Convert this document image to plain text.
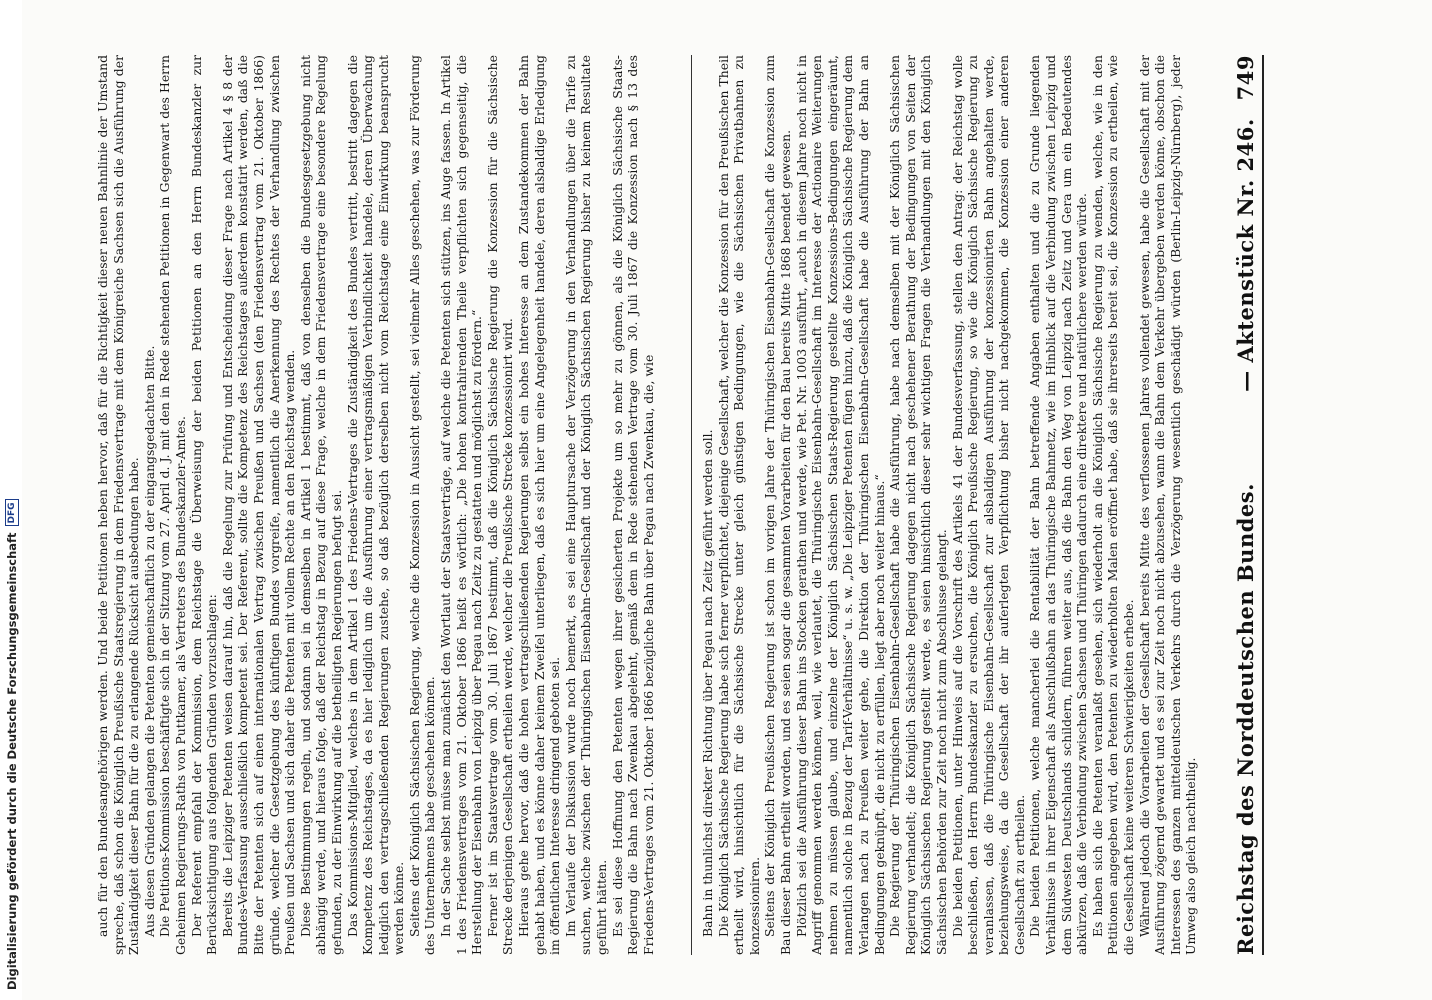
Reichstag des Norddeutschen Bundes.
— Aktenstück Nr. 246.
749

Bahn in thunlichst direkter Richtung über Pegau nach Zeitz geführt werden soll. Die Königlich Sächsische Regierung habe sich ferner verpflichtet, diejenige Gesellschaft, welcher die Konzession für den Preußischen Theil ertheilt wird, hinsichtlich für die Sächsische Strecke unter gleich günstigen Bedingungen, wie die Sächsischen Privatbahnen zu konzessioniren. Seitens der Königlich Preußischen Regierung ist schon im vorigen Jahre der Thüringischen Eisenbahn-Gesellschaft die Konzession zum Bau dieser Bahn ertheilt worden, und es seien sogar die gesammten Vorarbeiten für den Bau bereits Mitte 1868 beendet gewesen. Plötzlich sei die Ausführung dieser Bahn ins Stocken gerathen und werde, wie Pet. Nr. 1003 ausführt, „auch in diesem Jahre noch nicht in Angriff genommen werden können, weil, wie verlautet, die Thüringische Eisenbahn-Gesellschaft im Interesse der Actionaire Weiterungen nehmen zu müssen glaube, und einzelne der Königlich Sächsischen Staats-Regierung gestellte Konzessions-Bedingungen eingeräumt, namentlich solche in Bezug der Tarif-Verhältnisse“ u. s. w. „Die Leipziger Petenten fügen hinzu, daß die Königlich Sächsische Regierung dem Verlangen nach zu Preußen weiter gehe, die Direktion der Thüringischen Eisenbahn-Gesellschaft habe die Ausführung der Bahn an Bedingungen geknüpft, die nicht zu erfüllen, liegt aber noch weiter hinaus.“ Die Regierung der Thüringischen Eisenbahn-Gesellschaft habe die Ausführung, habe nach demselben mit der Königlich Sächsischen Regierung verhandelt; die Königlich Sächsische Regierung dagegen nicht nach geschehener Berathung der Bedingungen von Seiten der Königlich Sächsischen Regierung gestellt werde, es seien hinsichtlich dieser sehr wichtigen Fragen die Verhandlungen mit den Königlich Sächsischen Behörden zur Zeit noch nicht zum Abschlusse gelangt. Die beiden Petitionen, unter Hinweis auf die Vorschrift des Artikels 41 der Bundesverfassung, stellen den Antrag: der Reichstag wolle beschließen, den Herrn Bundeskanzler zu ersuchen, die Königlich Preußische Regierung, so wie die Königlich Sächsische Regierung zu veranlassen, daß die Thüringische Eisenbahn-Gesellschaft zur alsbaldigen Ausführung der konzessionirten Bahn angehalten werde, beziehungsweise, da die Gesellschaft der ihr auferlegten Verpflichtung bisher nicht nachgekommen, die Konzession einer anderen Gesellschaft zu ertheilen. Die beiden Petitionen, welche mancherlei die Rentabilität der Bahn betreffende Angaben enthalten und die zu Grunde liegenden Verhältnisse in ihrer Eigenschaft als Anschlußbahn an das Thüringische Bahnnetz, wie im Hinblick auf die Verbindung zwischen Leipzig und dem Südwesten Deutschlands schildern, führen weiter aus, daß die Bahn den Weg von Leipzig nach Zeitz und Gera um ein Bedeutendes abkürzen, daß die Verbindung zwischen Sachsen und Thüringen dadurch eine direktere und natürlichere werden würde. Es haben sich die Petenten veranlaßt gesehen, sich wiederholt an die Königlich Sächsische Regierung zu wenden, welche, wie in den Petitionen angegeben wird, den Petenten zu wiederholten Malen eröffnet habe, daß sie ihrerseits bereit sei, die Konzession zu ertheilen, wie die Gesellschaft keine weiteren Schwierigkeiten erhebe. Während jedoch die Vorarbeiten der Gesellschaft bereits Mitte des verflossenen Jahres vollendet gewesen, habe die Gesellschaft mit der Ausführung zögernd gewartet und es sei zur Zeit noch nicht abzusehen, wann die Bahn dem Verkehr übergeben werden könne, obschon die Interessen des ganzen mitteldeutschen Verkehrs durch die Verzögerung wesentlich geschädigt würden (Berlin-Leipzig-Nürnberg), jeder Umweg also gleich nachtheilig.

auch für den Bundesangehörigen werden. Und beide Petitionen heben hervor, daß für die Richtigkeit dieser neuen Bahnlinie der Umstand spreche, daß schon die Königlich Preußische Staatsregierung in dem Friedensvertrage mit dem Königreiche Sachsen sich die Ausführung der Zuständigkeit dieser Bahn für die zu erlangende Rücksicht ausbedungen habe. Aus diesen Gründen gelangen die Petenten gemeinschaftlich zu der eingangsgedachten Bitte. Die Petitions-Kommission beschäftigte sich in der Sitzung vom 27. April d. J. mit den in Rede stehenden Petitionen in Gegenwart des Herrn Geheimen Regierungs-Raths von Puttkamer, als Vertreters des Bundeskanzler-Amtes. Der Referent empfahl der Kommission, dem Reichstage die Überweisung der beiden Petitionen an den Herrn Bundeskanzler zur Berücksichtigung aus folgenden Gründen vorzuschlagen: Bereits die Leipziger Petenten weisen darauf hin, daß die Regelung zur Prüfung und Entscheidung dieser Frage nach Artikel 4 § 8 der Bundes-Verfassung ausschließlich kompetent sei. Der Referent, sollte die Kompetenz des Reichstages außerdem konstatirt werden, daß die Bitte der Petenten sich auf einen internationalen Vertrag zwischen Preußen und Sachsen (den Friedensvertrag vom 21. Oktober 1866) gründe, welcher die Gesetzgebung des künftigen Bundes vorgreife, namentlich die Anerkennung des Rechtes der Verhandlung zwischen Preußen und Sachsen und sich daher die Petenten mit vollem Rechte an den Reichstag wenden. Diese Bestimmungen regeln, und sodann sei in demselben in Artikel 1 bestimmt, daß von denselben die Bundesgesetzgebung nicht abhängig werde, und hieraus folge, daß der Reichstag in Bezug auf diese Frage, welche in dem Friedensvertrage eine besondere Regelung gefunden, zu der Einwirkung auf die betheiligten Regierungen befugt sei. Das Kommissions-Mitglied, welches in dem Artikel 1 des Friedens-Vertrages die Zuständigkeit des Bundes vertritt, bestritt dagegen die Kompetenz des Reichstages, da es hier lediglich um die Ausführung einer vertragsmäßigen Verbindlichkeit handele, deren Überwachung lediglich den vertragschließenden Regierungen zustehe, so daß bezüglich derselben nicht vom Reichstage eine Einwirkung beansprucht werden könne. Seitens der Königlich Sächsischen Regierung, welche die Konzession in Aussicht gestellt, sei vielmehr Alles geschehen, was zur Förderung des Unternehmens habe geschehen können. In der Sache selbst müsse man zunächst den Wortlaut der Staatsverträge, auf welche die Petenten sich stützen, ins Auge fassen. In Artikel 1 des Friedensvertrages vom 21. Oktober 1866 heißt es wörtlich: „Die hohen kontrahirenden Theile verpflichten sich gegenseitig, die Herstellung der Eisenbahn von Leipzig über Pegau nach Zeitz zu gestatten und möglichst zu fördern.“ Ferner ist im Staatsvertrage vom 30. Juli 1867 bestimmt, daß die Königlich Sächsische Regierung die Konzession für die Sächsische Strecke derjenigen Gesellschaft ertheilen werde, welcher die Preußische Strecke konzessionirt wird. Hieraus gehe hervor, daß die hohen vertragschließenden Regierungen selbst ein hohes Interesse an dem Zustandekommen der Bahn gehabt haben, und es könne daher keinem Zweifel unterliegen, daß es sich hier um eine Angelegenheit handele, deren alsbaldige Erledigung im öffentlichen Interesse dringend geboten sei. Im Verlaufe der Diskussion wurde noch bemerkt, es sei eine Hauptursache der Verzögerung in den Verhandlungen über die Tarife zu suchen, welche zwischen der Thüringischen Eisenbahn-Gesellschaft und der Königlich Sächsischen Regierung bisher zu keinem Resultate geführt hätten. Es sei diese Hoffnung den Petenten wegen ihrer gesicherten Projekte um so mehr zu gönnen, als die Königlich Sächsische Staats-Regierung die Bahn nach Zwenkau abgelehnt, gemäß dem in Rede stehenden Vertrage vom 30. Juli 1867 die Konzession nach § 13 des Friedens-Vertrages vom 21. Oktober 1866 bezügliche Bahn über Pegau nach Zwenkau, die, wie

Digitalisierung gefördert durch die Deutsche Forschungsgemeinschaft
DFG
